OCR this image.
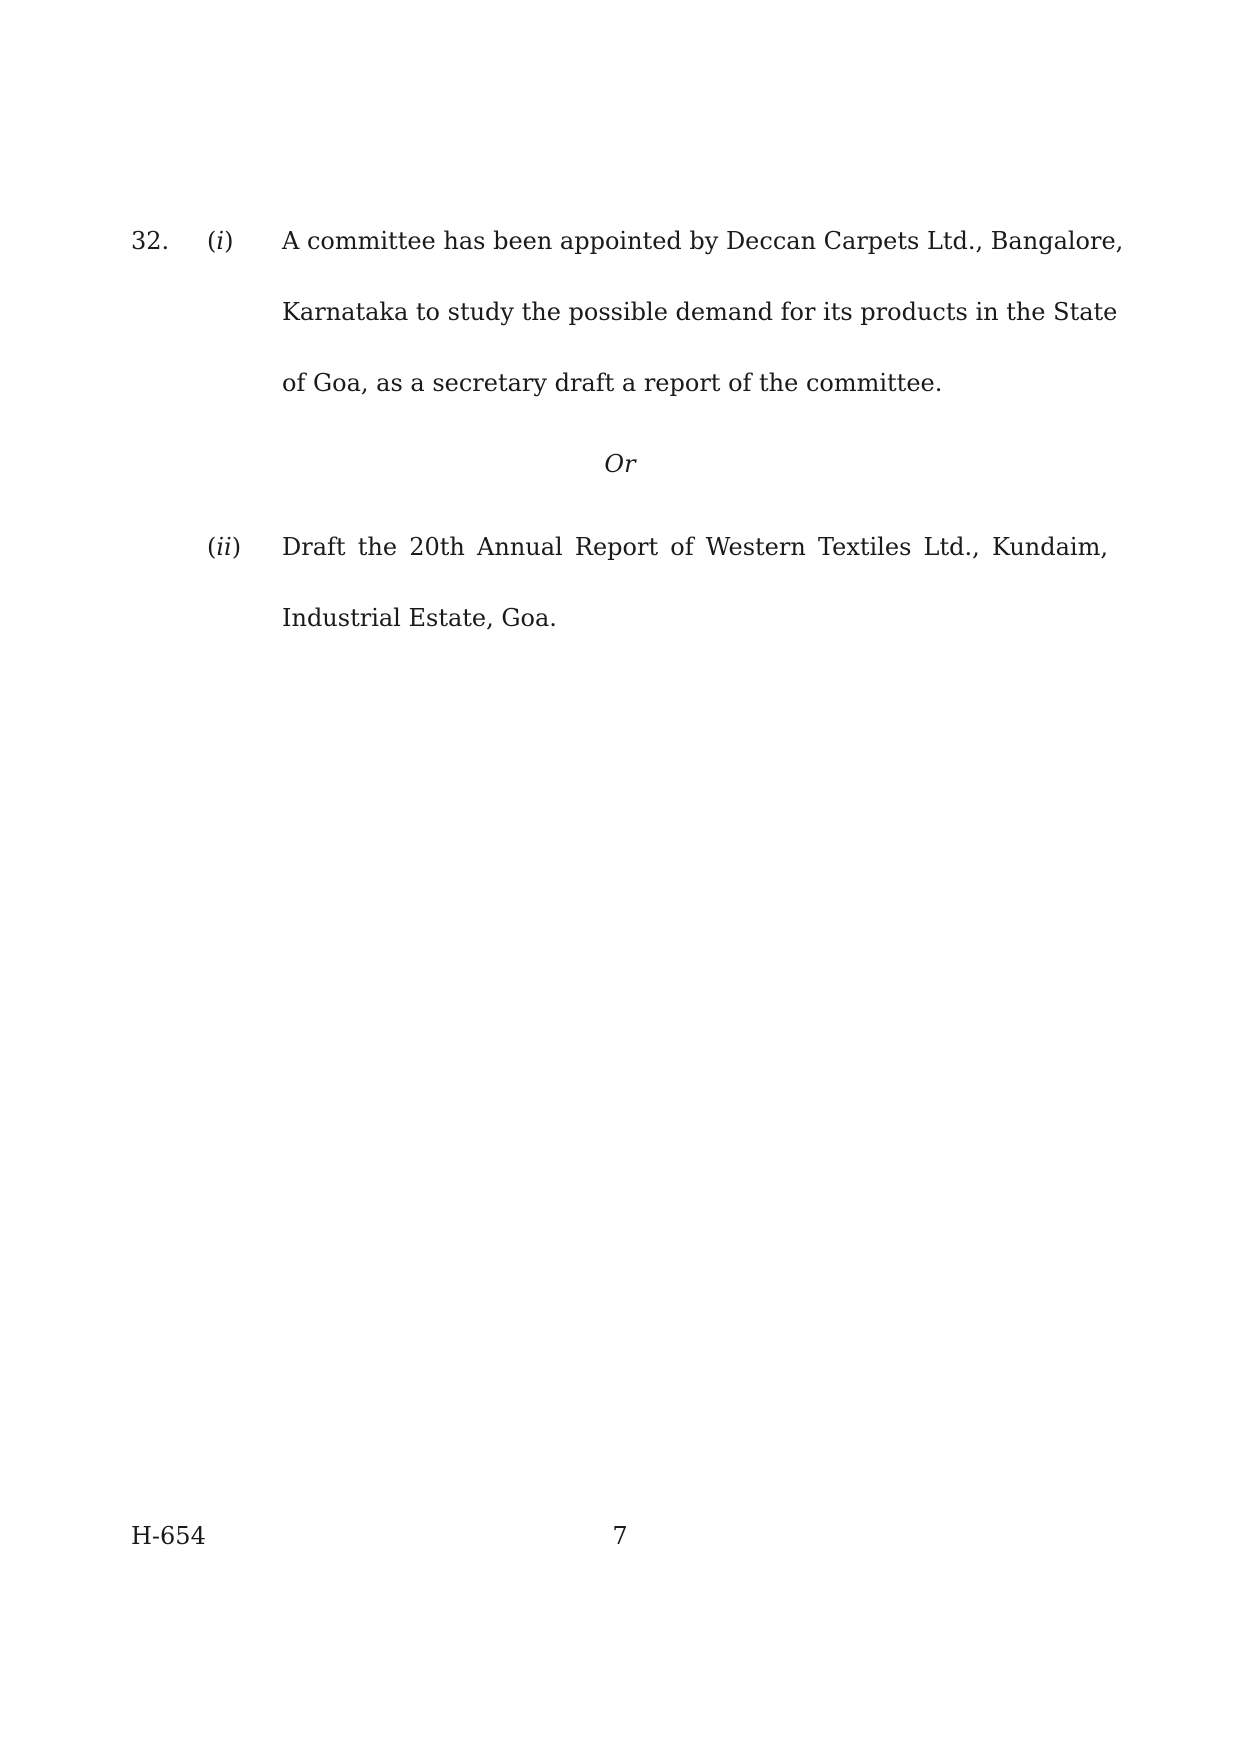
32. (i) A committee has been appointed by Deccan Carpets Ltd., Bangalore,
Karnataka to study the possible demand for its products in the State
of Goa, as a secretary draft a report of the committee.
Or
(ii) Draft the 20th Annual Report of Western Textiles Ltd., Kundaim,
Industrial Estate, Goa.
H-654	7
